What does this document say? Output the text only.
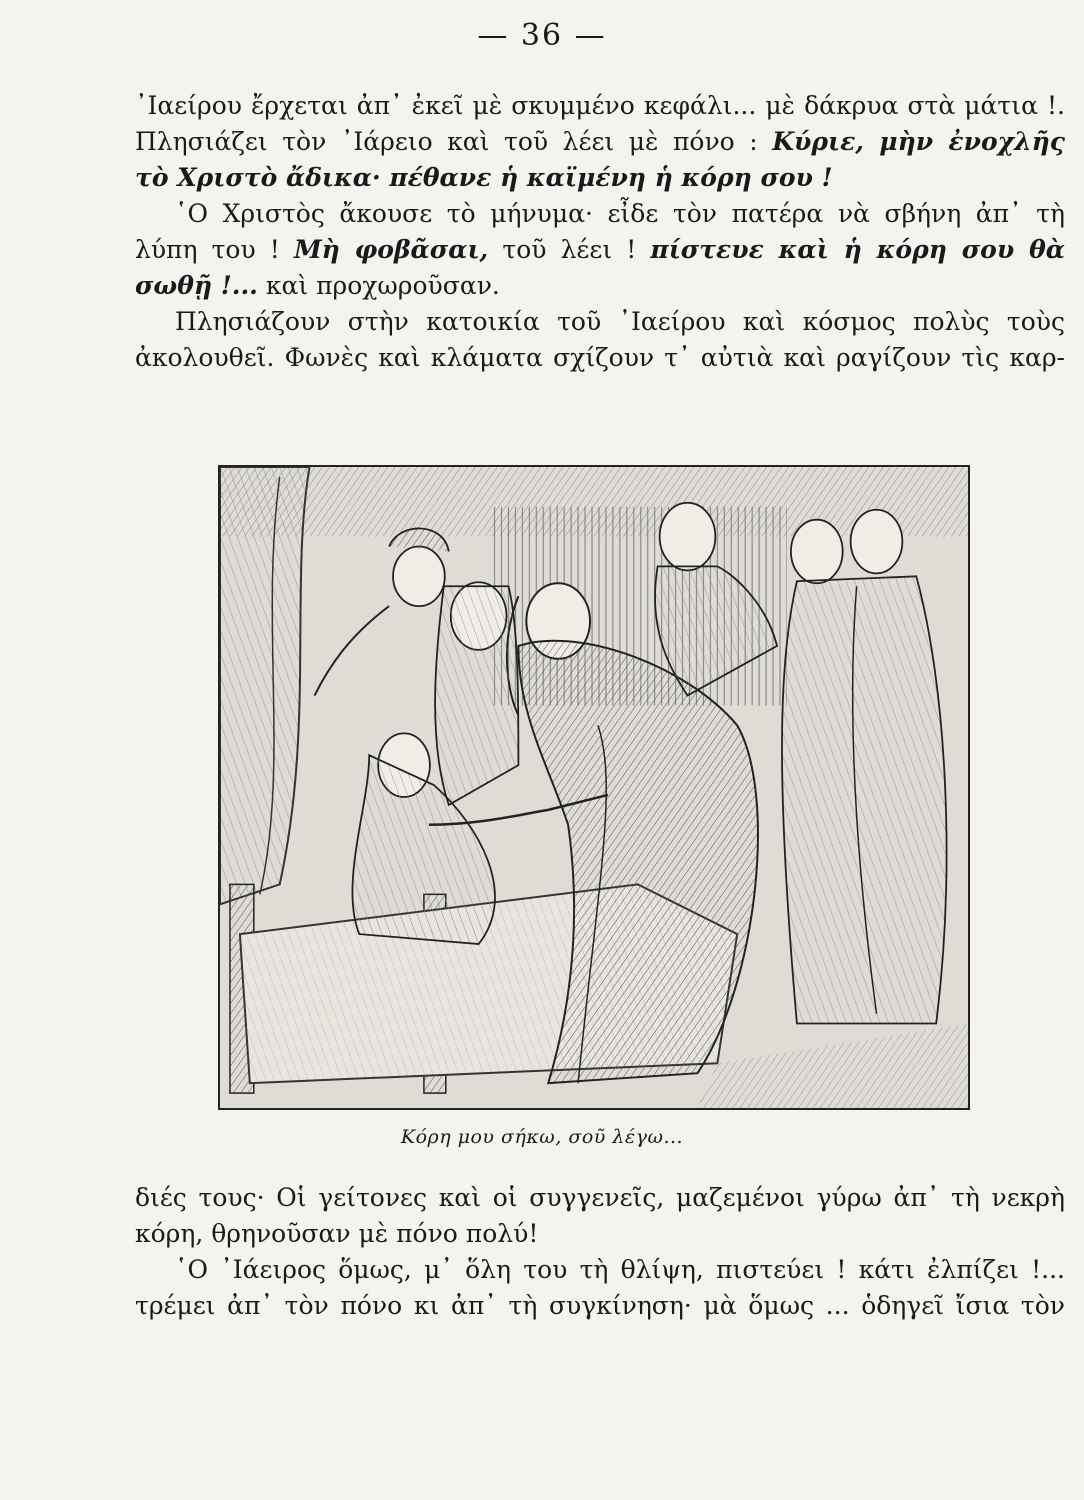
— 36 —

᾿Ιαείρου ἔρχεται ἀπ᾿ ἐκεῖ μὲ σκυμμένο κεφάλι... μὲ δάκρυα στὰ μάτια !.
Πλησιάζει τὸν ᾿Ιάρειο καὶ τοῦ λέει μὲ πόνο : Κύριε, μὴν ἐνοχλῆς
τὸ Χριστὸ ἄδικα· πέθανε ἡ καϊμένη ἡ κόρη σου !

῾Ο Χριστὸς ἄκουσε τὸ μήνυμα· εἶδε τὸν πατέρα νὰ σβήνη ἀπ᾿ τὴ
λύπη του ! Μὴ φοβᾶσαι, τοῦ λέει ! πίστευε καὶ ἡ κόρη σου θὰ
σωθῇ !... καὶ προχωροῦσαν.

Πλησιάζουν στὴν κατοικία τοῦ ᾿Ιαείρου καὶ κόσμος πολὺς τοὺς
ἀκολουθεῖ. Φωνὲς καὶ κλάματα σχίζουν τ᾿ αὐτιὰ καὶ ραγίζουν τὶς καρ-

Κόρη μου σήκω, σοῦ λέγω...

διές τους· Οἱ γείτονες καὶ οἱ συγγενεῖς, μαζεμένοι γύρω ἀπ᾿ τὴ νεκρὴ
κόρη, θρηνοῦσαν μὲ πόνο πολύ!

῾Ο ᾿Ιάειρος ὅμως, μ᾿ ὅλη του τὴ θλίψη, πιστεύει ! κάτι ἐλπίζει !...
τρέμει ἀπ᾿ τὸν πόνο κι ἀπ᾿ τὴ συγκίνηση· μὰ ὅμως ... ὁδηγεῖ ἴσια τὸν
